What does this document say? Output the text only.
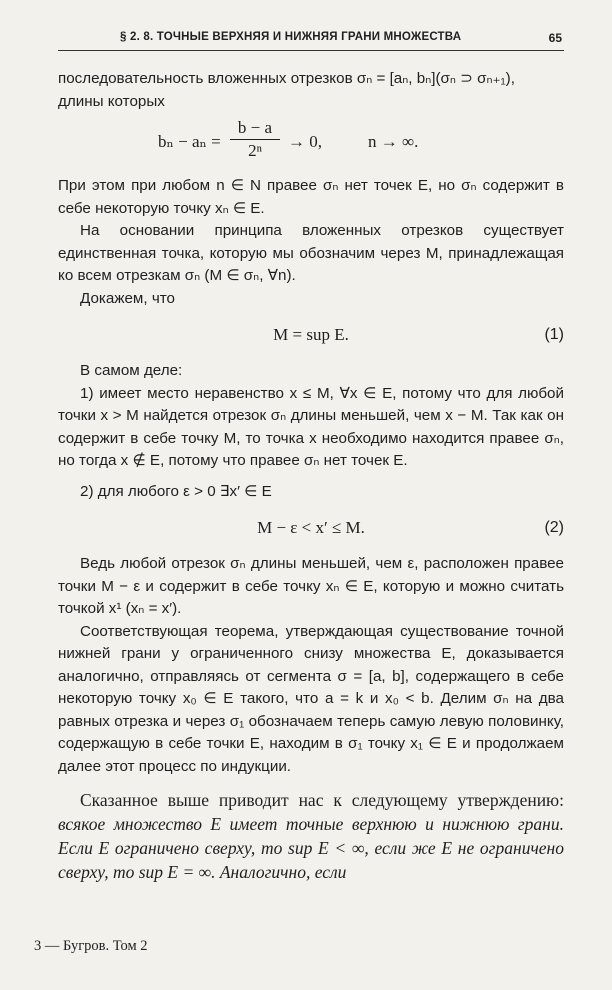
§ 2. 8. ТОЧНЫЕ ВЕРХНЯЯ И НИЖНЯЯ ГРАНИ МНОЖЕСТВА	65

последовательность вложенных отрезков σₙ = [aₙ, bₙ](σₙ ⊃ σₙ₊₁),

длины которых

$b_n - a_n = \frac{b - a}{\text{2ⁿ}} \to 0$,	n → ∞.

При этом при любом n ∈ N правее σₙ нет точек E, но σₙ содержит в себе некоторую точку xₙ ∈ E.

На основании принципа вложенных отрезков существует единственная точка, которую мы обозначим через M, принадлежащая ко всем отрезкам σₙ (M ∈ σₙ, ∀n).

Докажем, что

M = sup E.	(1)

В самом деле:

1) имеет место неравенство x ≤ M, ∀x ∈ E, потому что для любой точки x > M найдется отрезок σₙ длины меньшей, чем x − M. Так как он содержит в себе точку M, то точка x необходимо находится правее σₙ, но тогда x ∉ E, потому что правее σₙ нет точек E.

2) для любого ε > 0 ∃x′ ∈ E

M − ε < x′ ≤ M.	(2)

Ведь любой отрезок σₙ длины меньшей, чем ε, расположен правее точки M − ε и содержит в себе точку xₙ ∈ E, которую и можно считать точкой x¹ (xₙ = x′).

Соответствующая теорема, утверждающая существование точной нижней грани у ограниченного снизу множества E, доказывается аналогично, отправляясь от сегмента σ = [a, b], содержащего в себе некоторую точку x₀ ∈ E такого, что a = k и x₀ < b. Делим σₙ на два равных отрезка и через σ₁ обозначаем теперь самую левую половинку, содержащую в себе точки E, находим в σ₁ точку x₁ ∈ E и продолжаем далее этот процесс по индукции.

Сказанное выше приводит нас к следующему утверждению: всякое множество E имеет точные верхнюю и нижнюю грани. Если E ограничено сверху, то sup E < ∞, если же E не ограничено сверху, то sup E = ∞. Аналогично, если

3 — Бугров. Том 2
